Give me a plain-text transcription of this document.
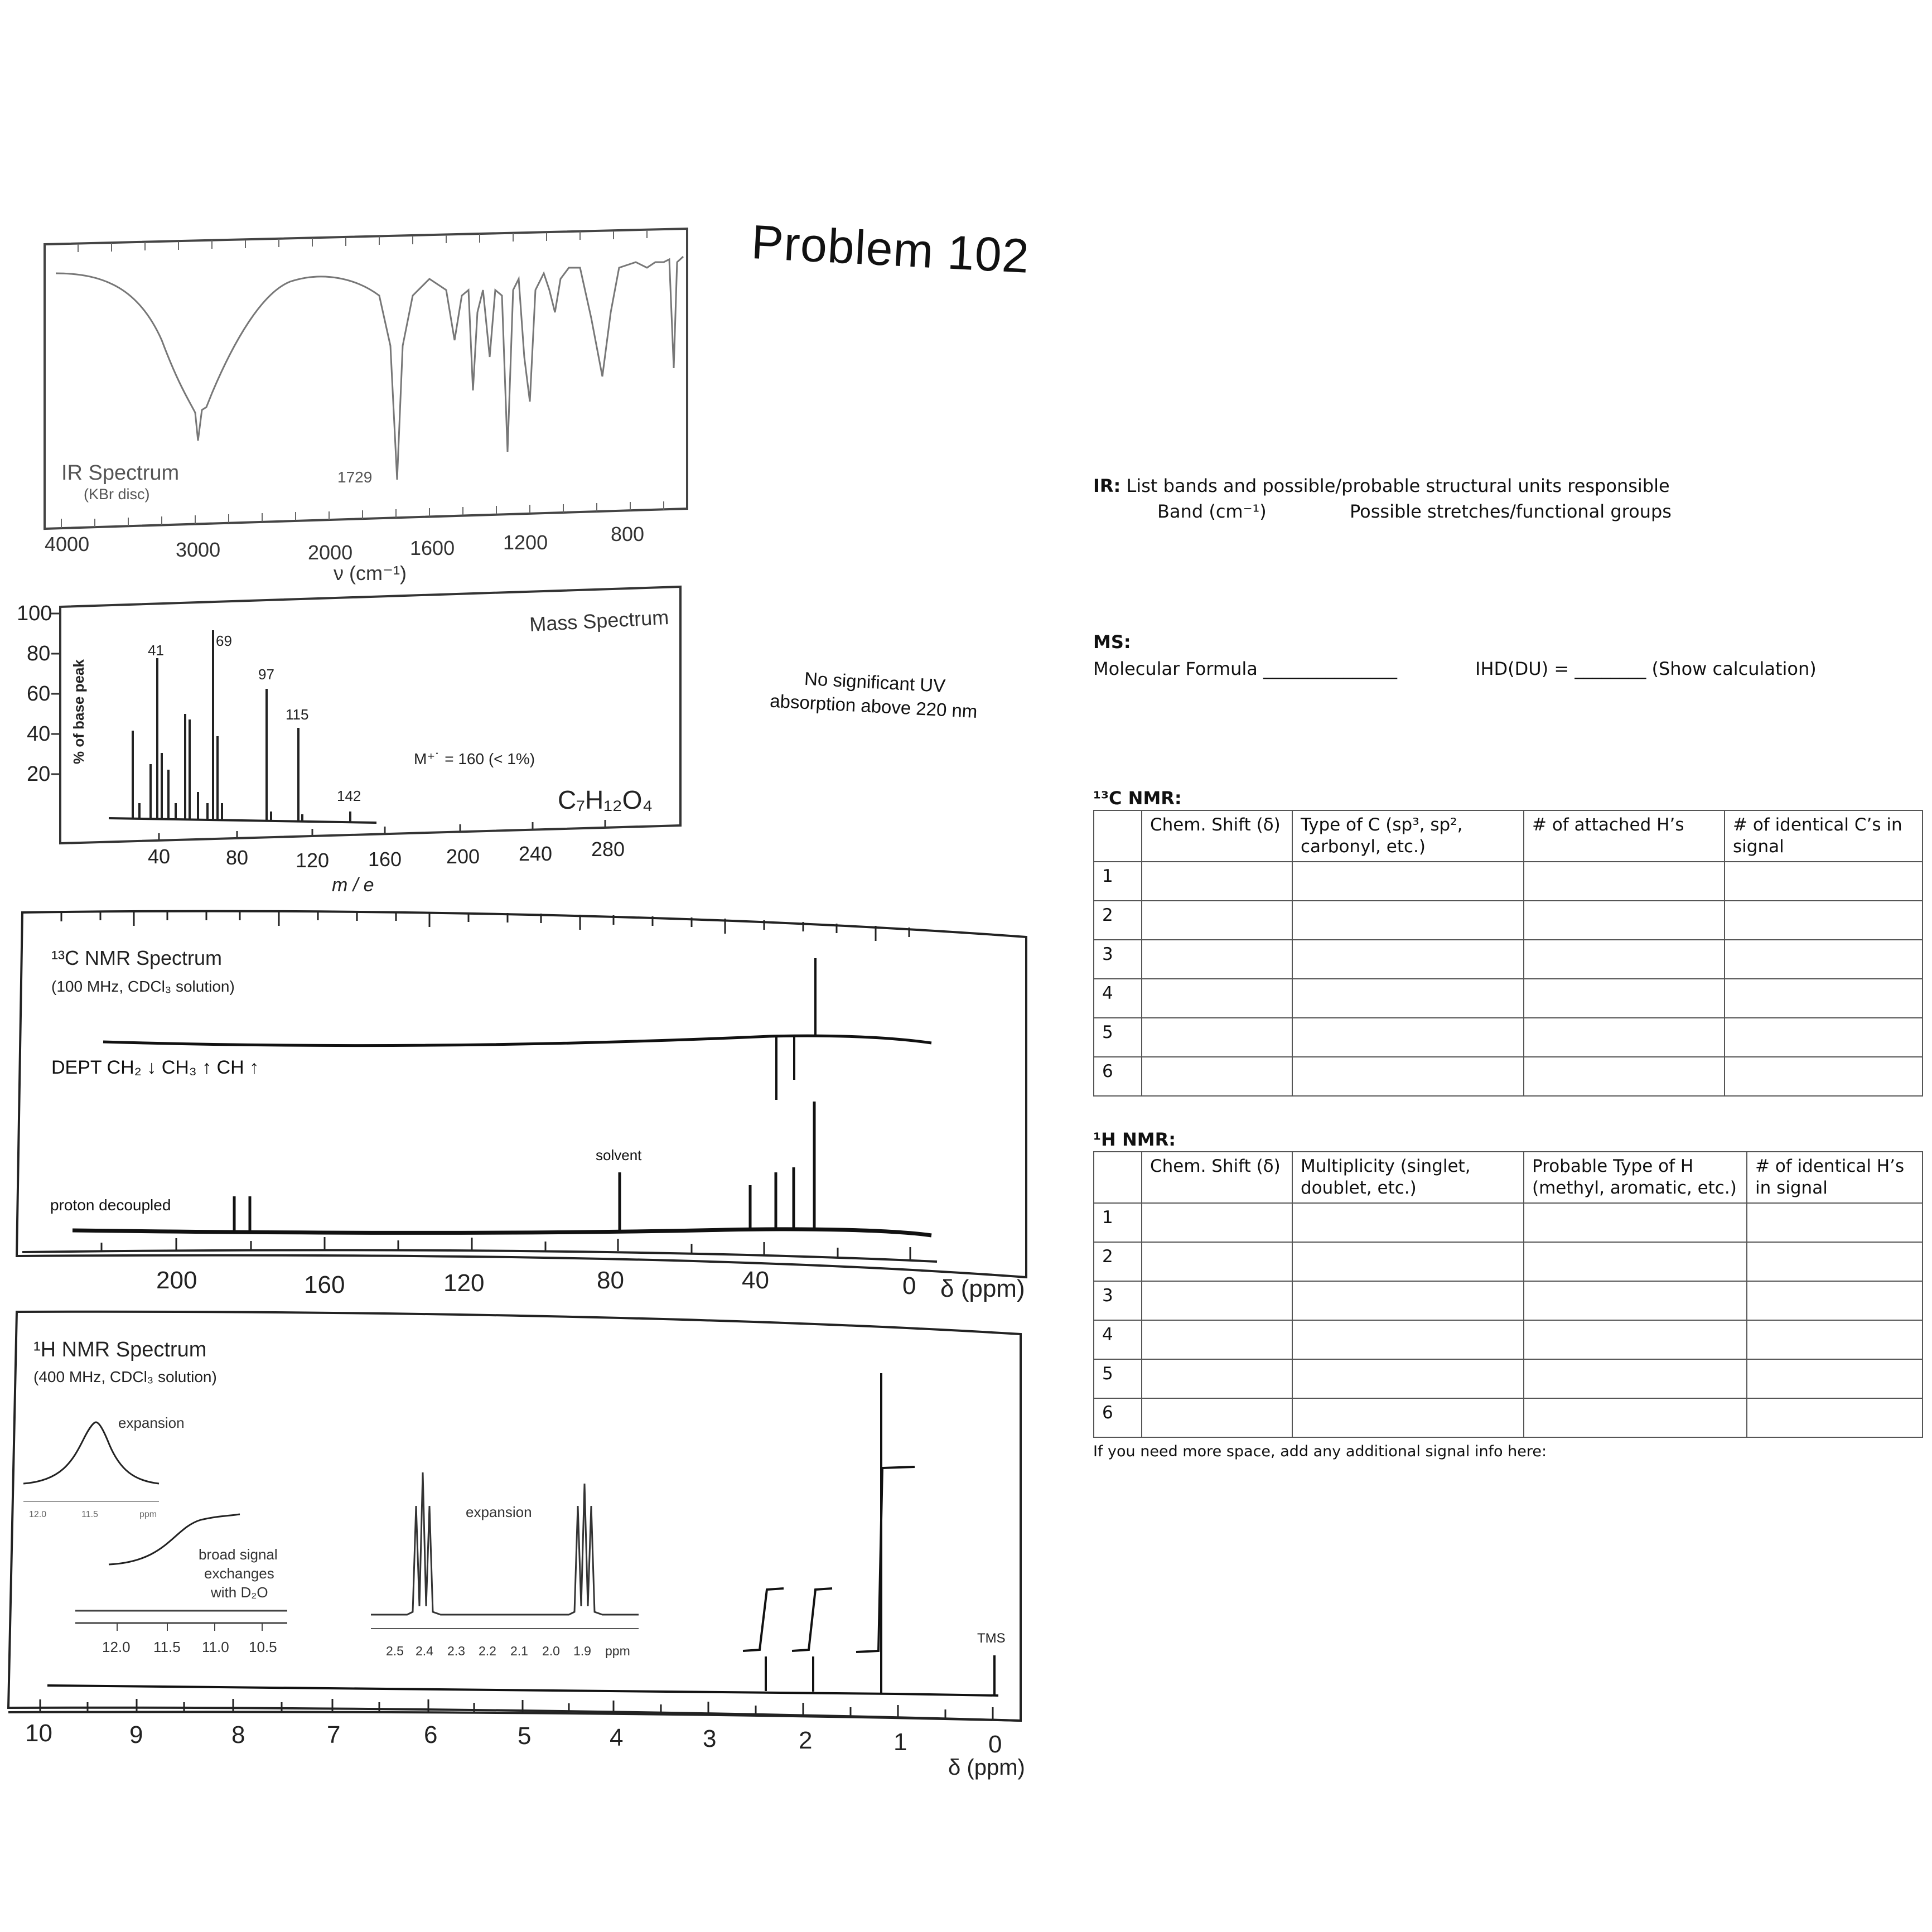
IR Spectrum
(KBr disc)
1729
4000	3000	2000	1600 1200	800
ν (cm⁻¹)
Mass Spectrum
100
80
60
40
20
% of base peak
41
69
97
115
142
M⁺˙ = 160 (< 1%)
C₇H₁₂O₄
40	80 120 160 200 240 280
m / e
¹³C NMR Spectrum
(100 MHz, CDCl₃ solution)
DEPT CH₂ ↓ CH₃ ↑ CH ↑
proton decoupled
solvent
200	160	120	80	40	0 δ (ppm)
¹H NMR Spectrum
(400 MHz, CDCl₃ solution)
expansion
12.0	11.5	ppm
broad signal
exchanges
with D₂O
12.0 11.5 11.0 10.5
expansion
2.5 2.4 2.3 2.2 2.1 2.0 1.9 ppm
TMS
10	9	8	7	6	5	4	3	2	1	0
δ (ppm)
Problem 102
No significant UV
absorption above 220 nm
IR: List bands and possible/probable structural units responsible
Band (cm⁻¹)	Possible stretches/functional groups
MS:
Molecular Formula _______________	IHD(DU) = ________ (Show calculation)
¹³C NMR:
	Chem. Shift (δ)	Type of C (sp³, sp², carbonyl, etc.)	# of attached H’s	# of identical C’s in signal
1				
2				
3				
4				
5				
6				
¹H NMR:
	Chem. Shift (δ)	Multiplicity (singlet, doublet, etc.)	Probable Type of H (methyl, aromatic, etc.)	# of identical H’s in signal
1				
2				
3				
4				
5				
6				
If you need more space, add any additional signal info here:
